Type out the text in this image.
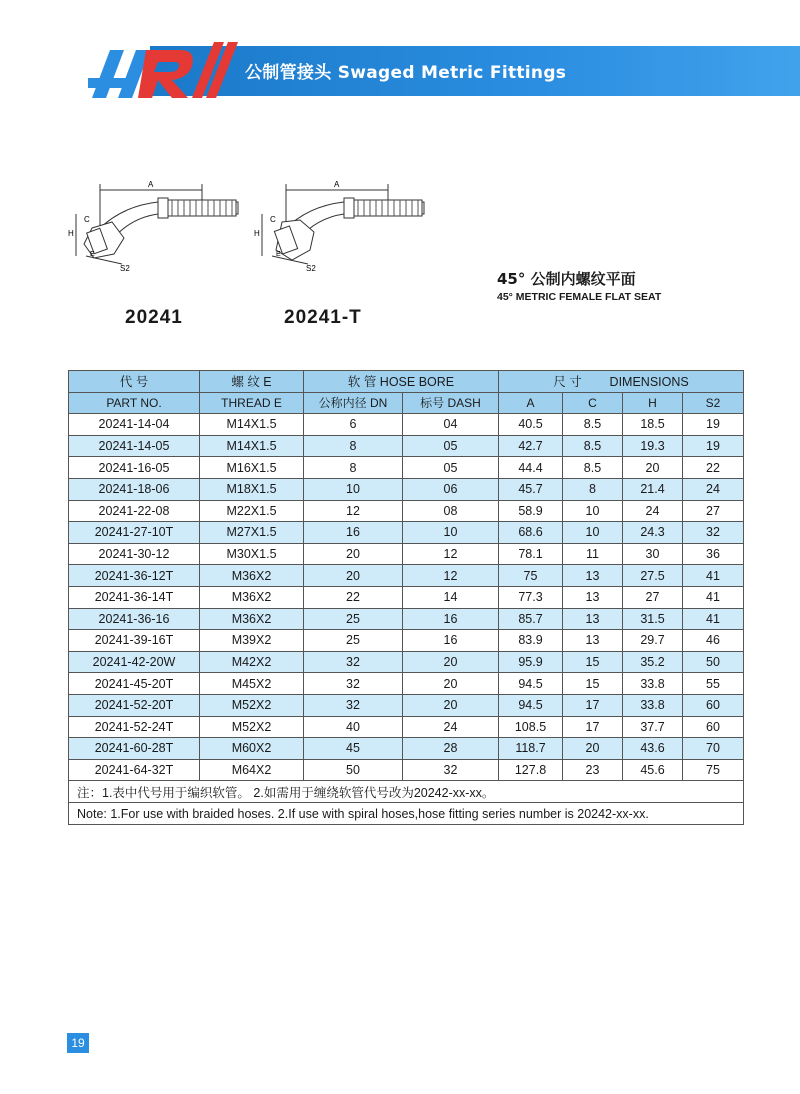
公制管接头 Swaged Metric Fittings
A
H
C
E
S2
A
H
C
E
S2
20241	20241-T
45° 公制内螺纹平面
45° METRIC FEMALE FLAT SEAT
代 号	螺 纹 E	软 管 HOSE BORE		尺 寸        DIMENSIONS			
PART NO.	THREAD E	公称内径 DN	标号 DASH	A	C	H	S2
20241-14-04	M14X1.5	6	04	40.5	8.5	18.5	19
20241-14-05	M14X1.5	8	05	42.7	8.5	19.3	19
20241-16-05	M16X1.5	8	05	44.4	8.5	20	22
20241-18-06	M18X1.5	10	06	45.7	8	21.4	24
20241-22-08	M22X1.5	12	08	58.9	10	24	27
20241-27-10T	M27X1.5	16	10	68.6	10	24.3	32
20241-30-12	M30X1.5	20	12	78.1	11	30	36
20241-36-12T	M36X2	20	12	75	13	27.5	41
20241-36-14T	M36X2	22	14	77.3	13	27	41
20241-36-16	M36X2	25	16	85.7	13	31.5	41
20241-39-16T	M39X2	25	16	83.9	13	29.7	46
20241-42-20W	M42X2	32	20	95.9	15	35.2	50
20241-45-20T	M45X2	32	20	94.5	15	33.8	55
20241-52-20T	M52X2	32	20	94.5	17	33.8	60
20241-52-24T	M52X2	40	24	108.5	17	37.7	60
20241-60-28T	M60X2	45	28	118.7	20	43.6	70
20241-64-32T	M64X2	50	32	127.8	23	45.6	75
注：1.表中代号用于编织软管。 2.如需用于缠绕软管代号改为20242-xx-xx。							
Note: 1.For use with braided hoses. 2.If use with spiral hoses,hose fitting series number is 20242-xx-xx.							
19
